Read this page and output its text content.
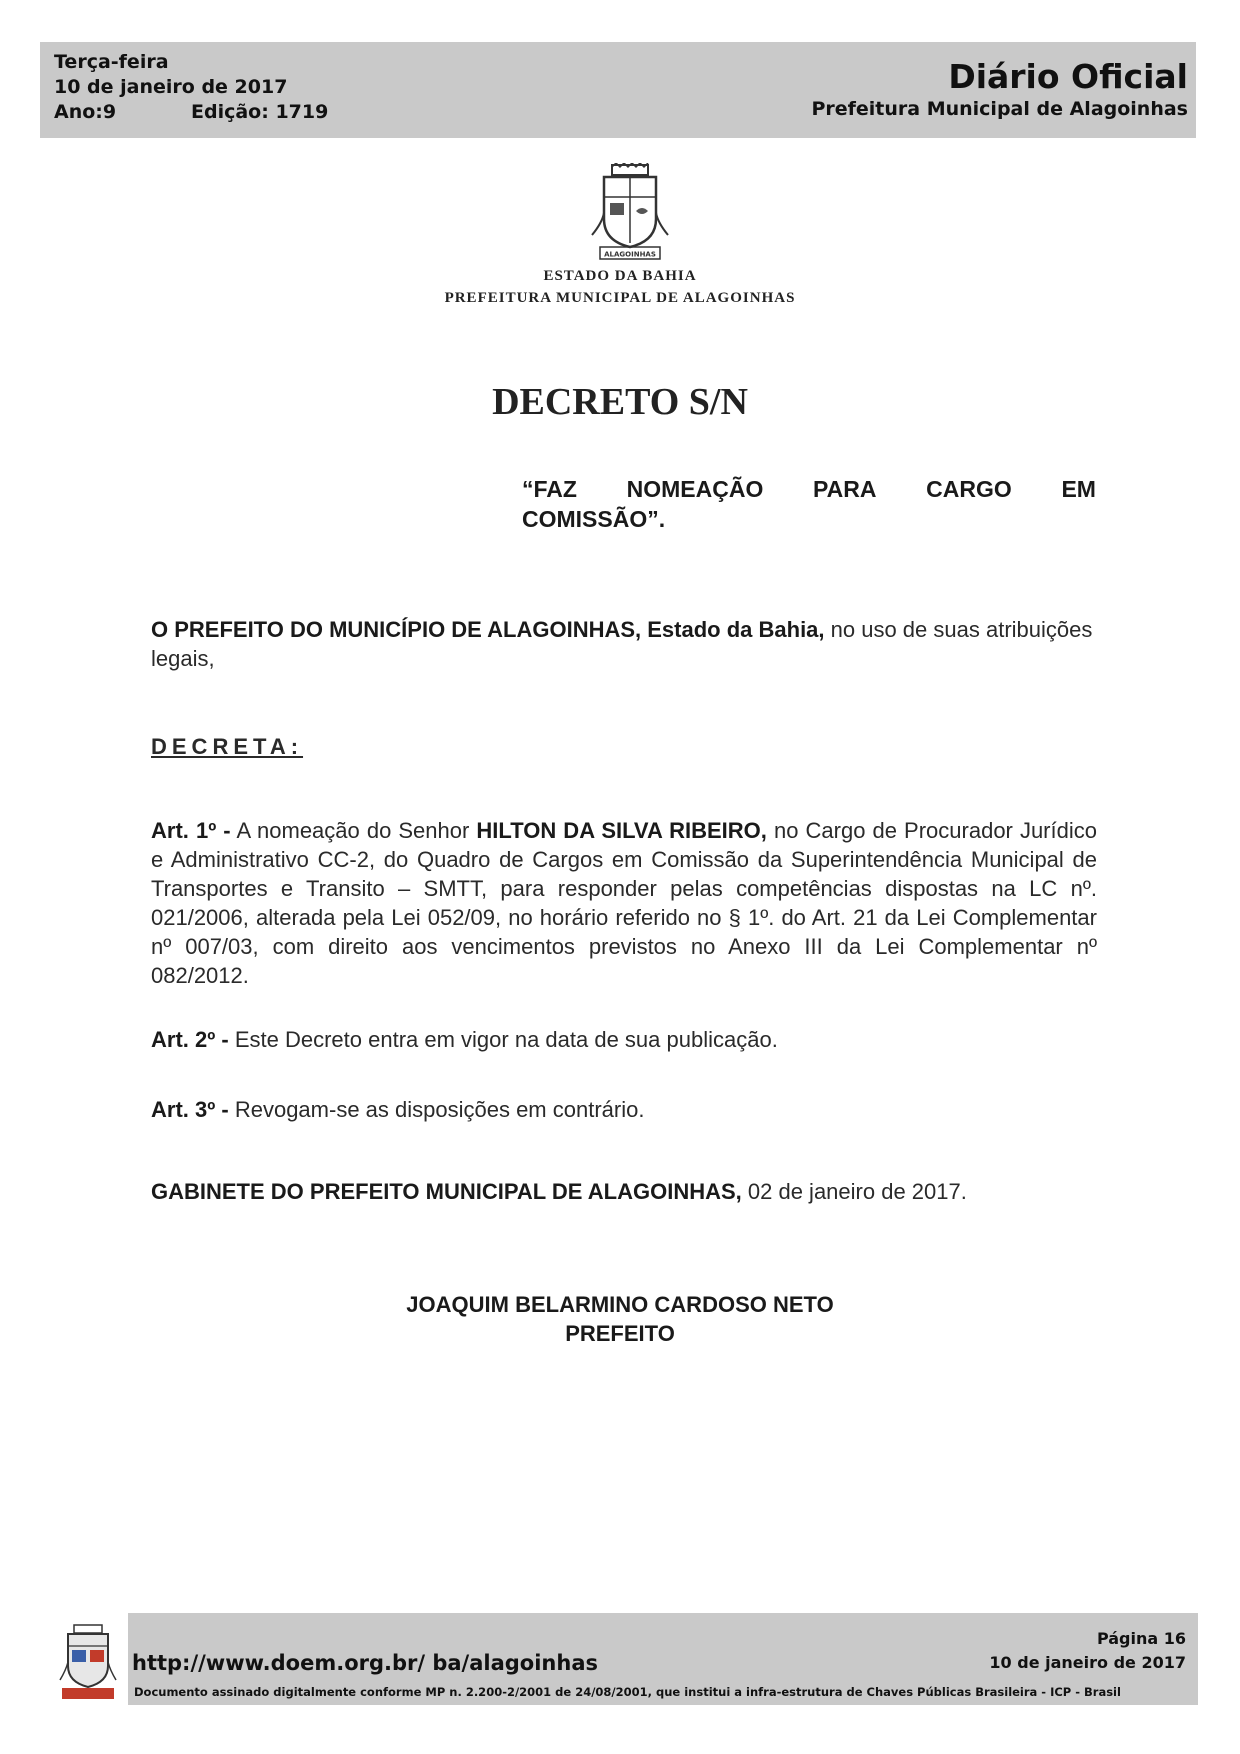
Terça-feira
10 de janeiro de 2017
Ano:9	Edição: 1719
Diário Oficial
Prefeitura Municipal de Alagoinhas
ALAGOINHAS
ESTADO DA BAHIA
PREFEITURA MUNICIPAL DE ALAGOINHAS
DECRETO S/N
“FAZ NOMEAÇÃO PARA CARGO EM
COMISSÃO”.
O PREFEITO DO MUNICÍPIO DE ALAGOINHAS, Estado da Bahia, no uso de suas atribuições legais,
DECRETA:
Art. 1º - A nomeação do Senhor HILTON DA SILVA RIBEIRO, no Cargo de Procurador Jurídico e Administrativo CC-2, do Quadro de Cargos em Comissão da Superintendência Municipal de Transportes e Transito – SMTT, para responder pelas competências dispostas na LC nº. 021/2006, alterada pela Lei 052/09, no horário referido no § 1º. do Art. 21 da Lei Complementar nº 007/03, com direito aos vencimentos previstos no Anexo III da Lei Complementar nº 082/2012.
Art. 2º - Este Decreto entra em vigor na data de sua publicação.
Art. 3º - Revogam-se as disposições em contrário.
GABINETE DO PREFEITO MUNICIPAL DE ALAGOINHAS, 02 de janeiro de 2017.
JOAQUIM BELARMINO CARDOSO NETO
PREFEITO
http://www.doem.org.br/ ba/alagoinhas
Página 16
10 de janeiro de 2017
Documento assinado digitalmente conforme MP n. 2.200-2/2001 de 24/08/2001, que institui a infra-estrutura de Chaves Públicas Brasileira - ICP - Brasil
